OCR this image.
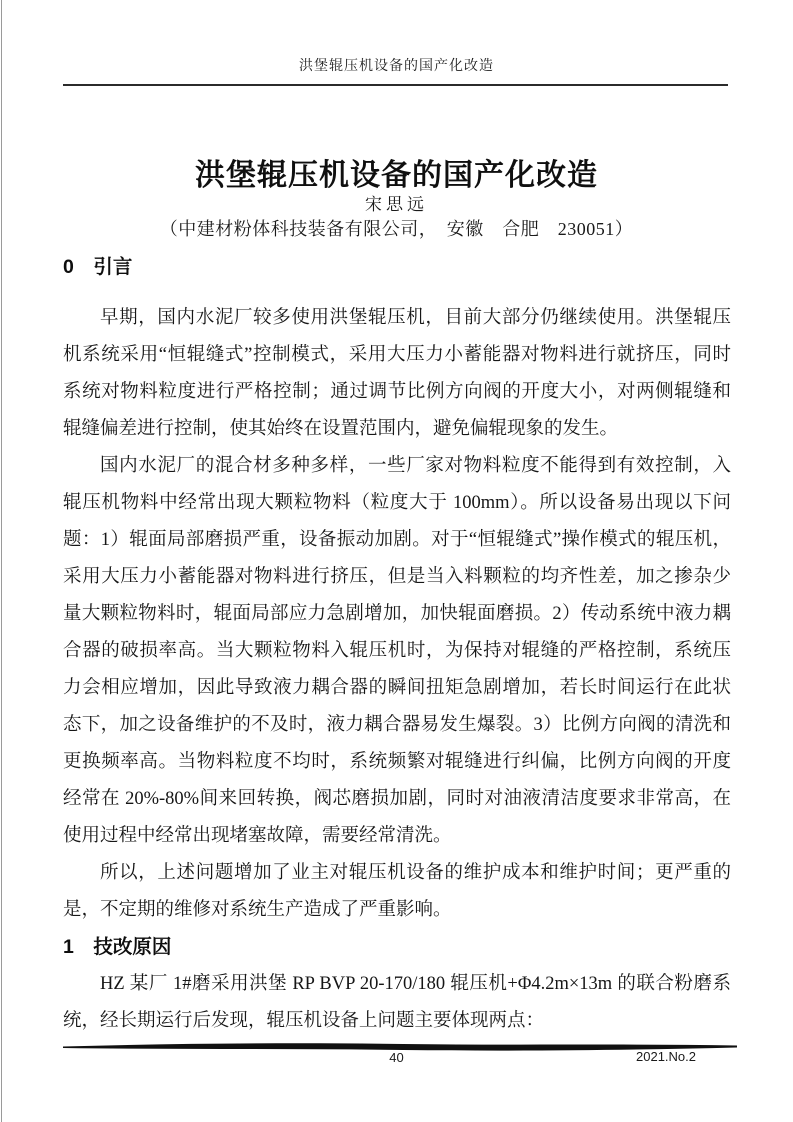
洪堡辊压机设备的国产化改造
洪堡辊压机设备的国产化改造
宋思远
（中建材粉体科技装备有限公司，　安徽　合肥　230051）
0　引言
早期，国内水泥厂较多使用洪堡辊压机，目前大部分仍继续使用。洪堡辊压
机系统采用“恒辊缝式”控制模式，采用大压力小蓄能器对物料进行就挤压，同时
系统对物料粒度进行严格控制；通过调节比例方向阀的开度大小，对两侧辊缝和
辊缝偏差进行控制，使其始终在设置范围内，避免偏辊现象的发生。
国内水泥厂的混合材多种多样，一些厂家对物料粒度不能得到有效控制，入
辊压机物料中经常出现大颗粒物料（粒度大于 100mm）。所以设备易出现以下问
题：1）辊面局部磨损严重，设备振动加剧。对于“恒辊缝式”操作模式的辊压机，
采用大压力小蓄能器对物料进行挤压，但是当入料颗粒的均齐性差，加之掺杂少
量大颗粒物料时，辊面局部应力急剧增加，加快辊面磨损。2）传动系统中液力耦
合器的破损率高。当大颗粒物料入辊压机时，为保持对辊缝的严格控制，系统压
力会相应增加，因此导致液力耦合器的瞬间扭矩急剧增加，若长时间运行在此状
态下，加之设备维护的不及时，液力耦合器易发生爆裂。3）比例方向阀的清洗和
更换频率高。当物料粒度不均时，系统频繁对辊缝进行纠偏，比例方向阀的开度
经常在 20%-80%间来回转换，阀芯磨损加剧，同时对油液清洁度要求非常高，在
使用过程中经常出现堵塞故障，需要经常清洗。
所以，上述问题增加了业主对辊压机设备的维护成本和维护时间；更严重的
是，不定期的维修对系统生产造成了严重影响。
1　技改原因
HZ 某厂 1#磨采用洪堡 RP BVP 20-170/180 辊压机+Φ4.2m×13m 的联合粉磨系
统，经长期运行后发现，辊压机设备上问题主要体现两点：
40	2021.No.2
